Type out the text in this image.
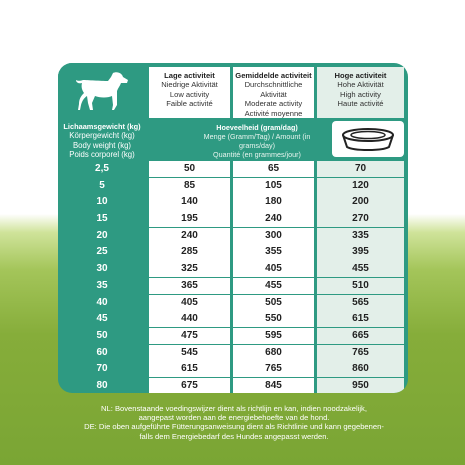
Lage activiteit
Niedrige Aktivität
Low activity
Faible activité
Gemiddelde activiteit
Durchschnittliche Aktivität
Moderate activity
Activité moyenne
Hoge activiteit
Hohe Aktivität
High activity
Haute activité
Lichaamsgewicht (kg)
Körpergewicht (kg)
Body weight (kg)
Poids corporel (kg)
Hoeveelheid (gram/dag)
Menge (Gramm/Tag) / Amount (in grams/day)
Quantité (en grammes/jour)
2,5	50	65	70
5	85	105	120
10	140	180	200
15	195	240	270
20	240	300	335
25	285	355	395
30	325	405	455
35	365	455	510
40	405	505	565
45	440	550	615
50	475	595	665
60	545	680	765
70	615	765	860
80	675	845	950
NL: Bovenstaande voedingswijzer dient als richtlijn en kan, indien noodzakelijk,
aangepast worden aan de energiebehoefte van de hond.
DE: Die oben aufgeführte Fütterungsanweisung dient als Richtlinie und kann gegebenen-
falls dem Energiebedarf des Hundes angepasst werden.
